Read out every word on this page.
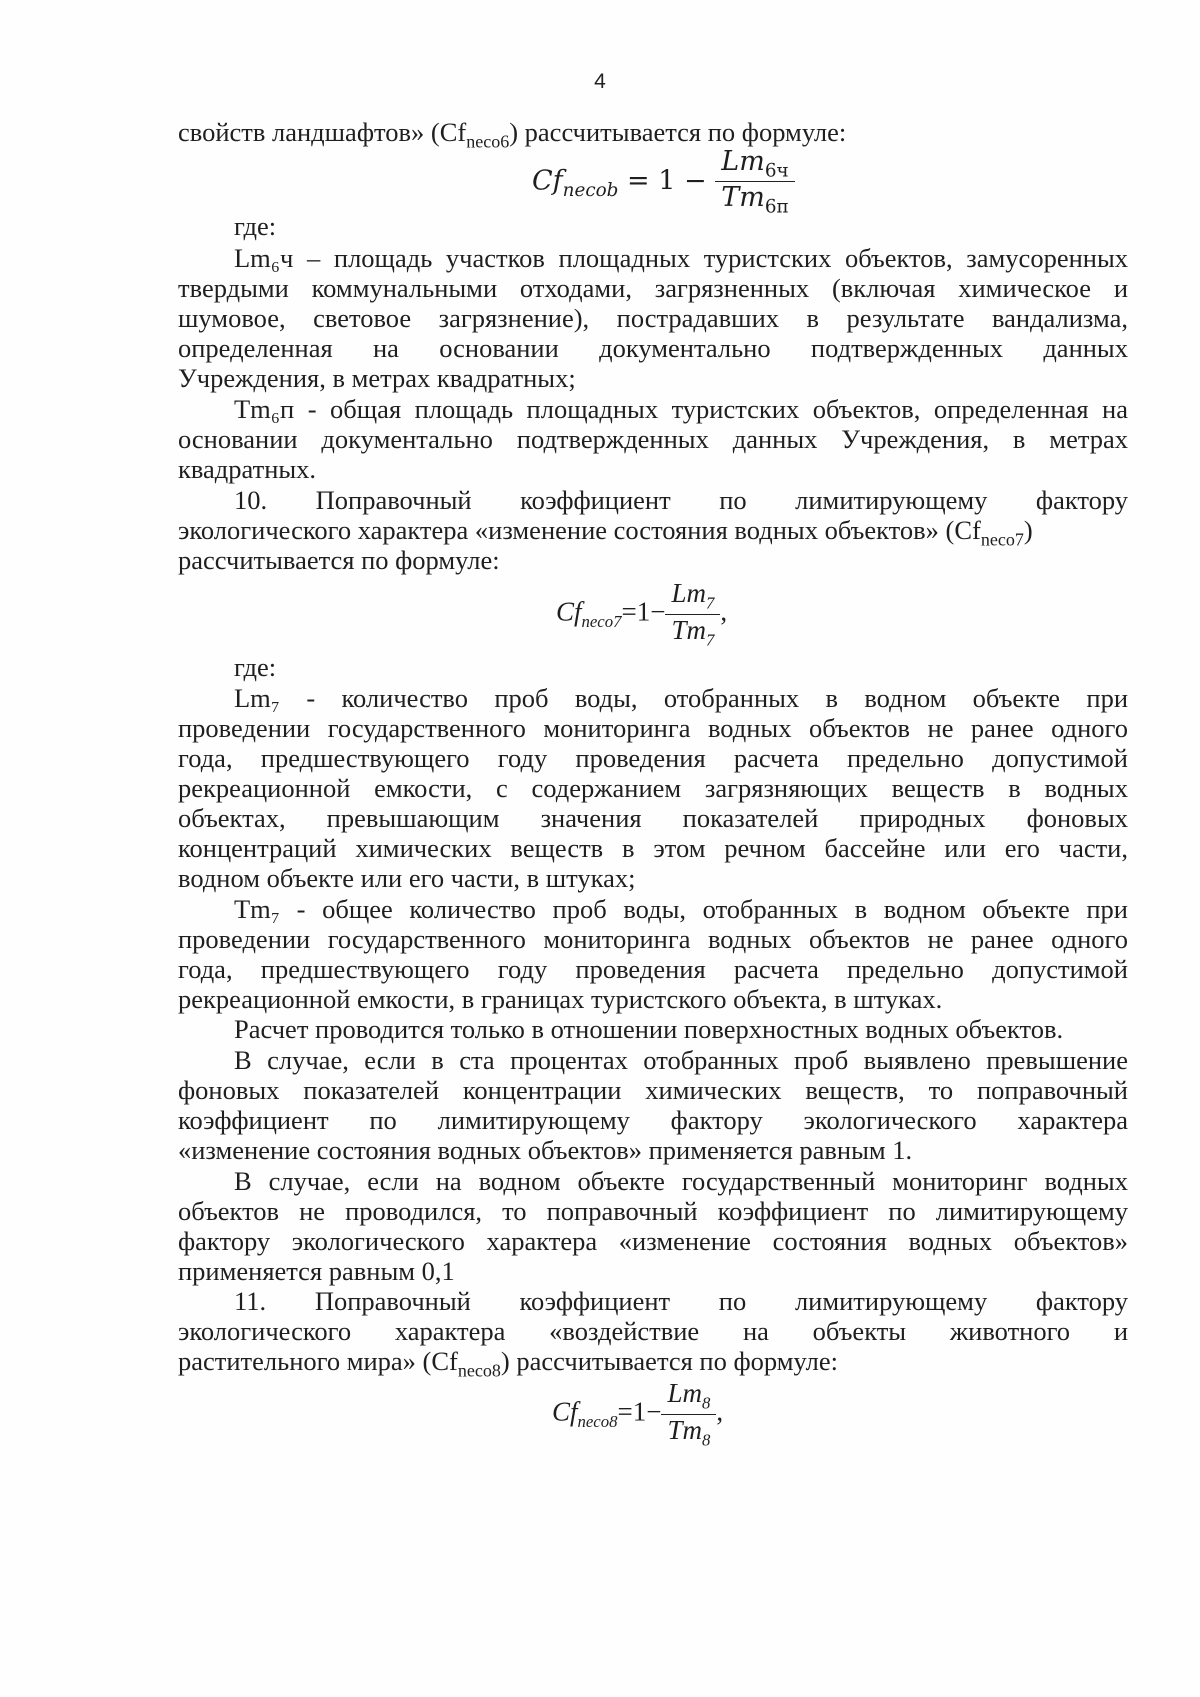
4
свойств ландшафтов» $(Cf_{neco6})$ рассчитывается по формуле:
$Cf_{necob} = 1 - \frac{Lm_{6ч}}{Tm_{6п}}$
где:
Lm₆ч – площадь участков площадных туристских объектов, замусоренных
твердыми коммунальными отходами, загрязненных (включая химическое и
шумовое, световое загрязнение), пострадавших в результате вандализма,
определенная на основании документально подтвержденных данных
Учреждения, в метрах квадратных;
Tm₆п - общая площадь площадных туристских объектов, определенная на
основании документально подтвержденных данных Учреждения, в метрах
квадратных.
10. Поправочный коэффициент по лимитирующему фактору
экологического характера «изменение состояния водных объектов» $(Cf_{neco7})$
рассчитывается по формуле:
$Cf_{neco7}=1- \frac{Lm_7}{Tm_7}$ ,
где:
Lm₇ - количество проб воды, отобранных в водном объекте при
проведении государственного мониторинга водных объектов не ранее одного
года, предшествующего году проведения расчета предельно допустимой
рекреационной емкости, с содержанием загрязняющих веществ в водных
объектах, превышающим значения показателей природных фоновых
концентраций химических веществ в этом речном бассейне или его части,
водном объекте или его части, в штуках;
Tm₇ - общее количество проб воды, отобранных в водном объекте при
проведении государственного мониторинга водных объектов не ранее одного
года, предшествующего году проведения расчета предельно допустимой
рекреационной емкости, в границах туристского объекта, в штуках.
Расчет проводится только в отношении поверхностных водных объектов.
В случае, если в ста процентах отобранных проб выявлено превышение
фоновых показателей концентрации химических веществ, то поправочный
коэффициент по лимитирующему фактору экологического характера
«изменение состояния водных объектов» применяется равным 1.
В случае, если на водном объекте государственный мониторинг водных
объектов не проводился, то поправочный коэффициент по лимитирующему
фактору экологического характера «изменение состояния водных объектов»
применяется равным 0,1
11. Поправочный коэффициент по лимитирующему фактору
экологического характера «воздействие на объекты животного и
растительного мира» $(Cf_{neco8})$ рассчитывается по формуле:
$Cf_{neco8}=1- \frac{Lm_8}{Tm_8}$ ,
